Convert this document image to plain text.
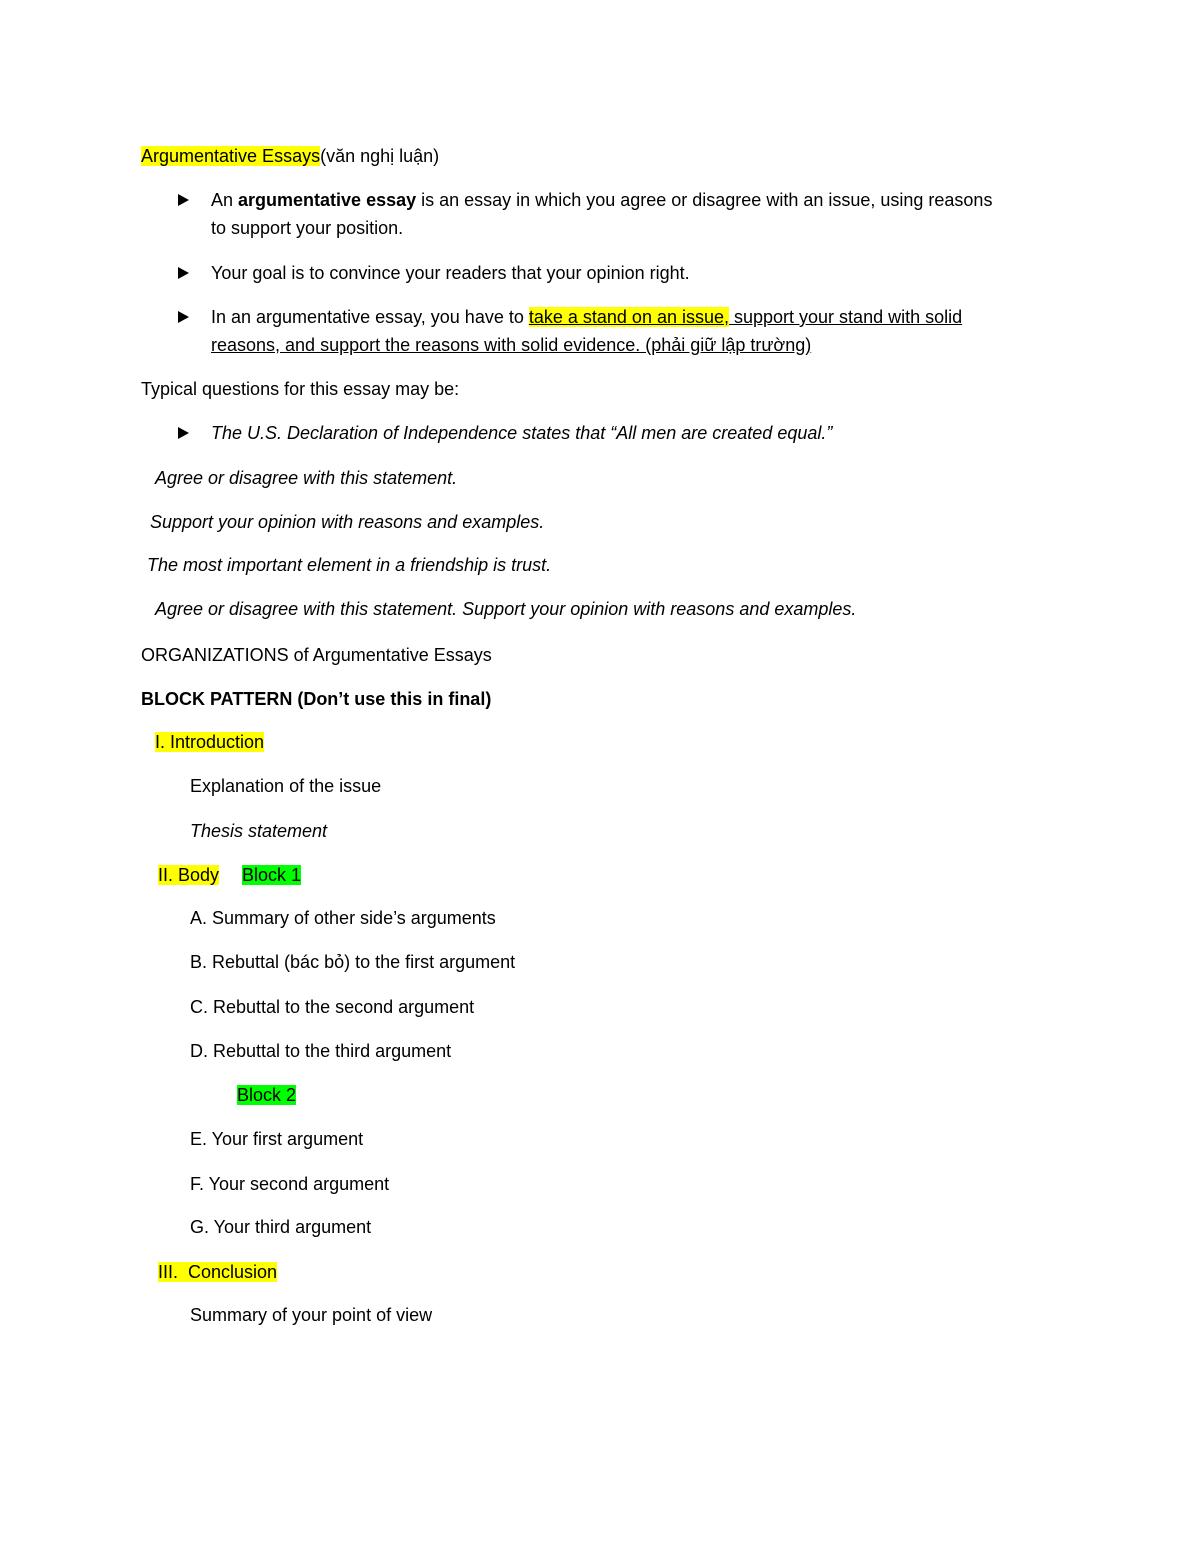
Argumentative Essays(văn nghị luận)
An argumentative essay is an essay in which you agree or disagree with an issue, using reasons
to support your position.
Your goal is to convince your readers that your opinion right.
In an argumentative essay, you have to take a stand on an issue, support your stand with solid
reasons, and support the reasons with solid evidence. (phải giữ lập trường)
Typical questions for this essay may be:
The U.S. Declaration of Independence states that “All men are created equal.”
Agree or disagree with this statement.
Support your opinion with reasons and examples.
The most important element in a friendship is trust.
Agree or disagree with this statement. Support your opinion with reasons and examples.
ORGANIZATIONS of Argumentative Essays
BLOCK PATTERN (Don’t use this in final)
I. Introduction
Explanation of the issue
Thesis statement
II. Body Block 1
A. Summary of other side’s arguments
B. Rebuttal (bác bỏ) to the first argument
C. Rebuttal to the second argument
D. Rebuttal to the third argument
Block 2
E. Your first argument
F. Your second argument
G. Your third argument
III.  Conclusion
Summary of your point of view
